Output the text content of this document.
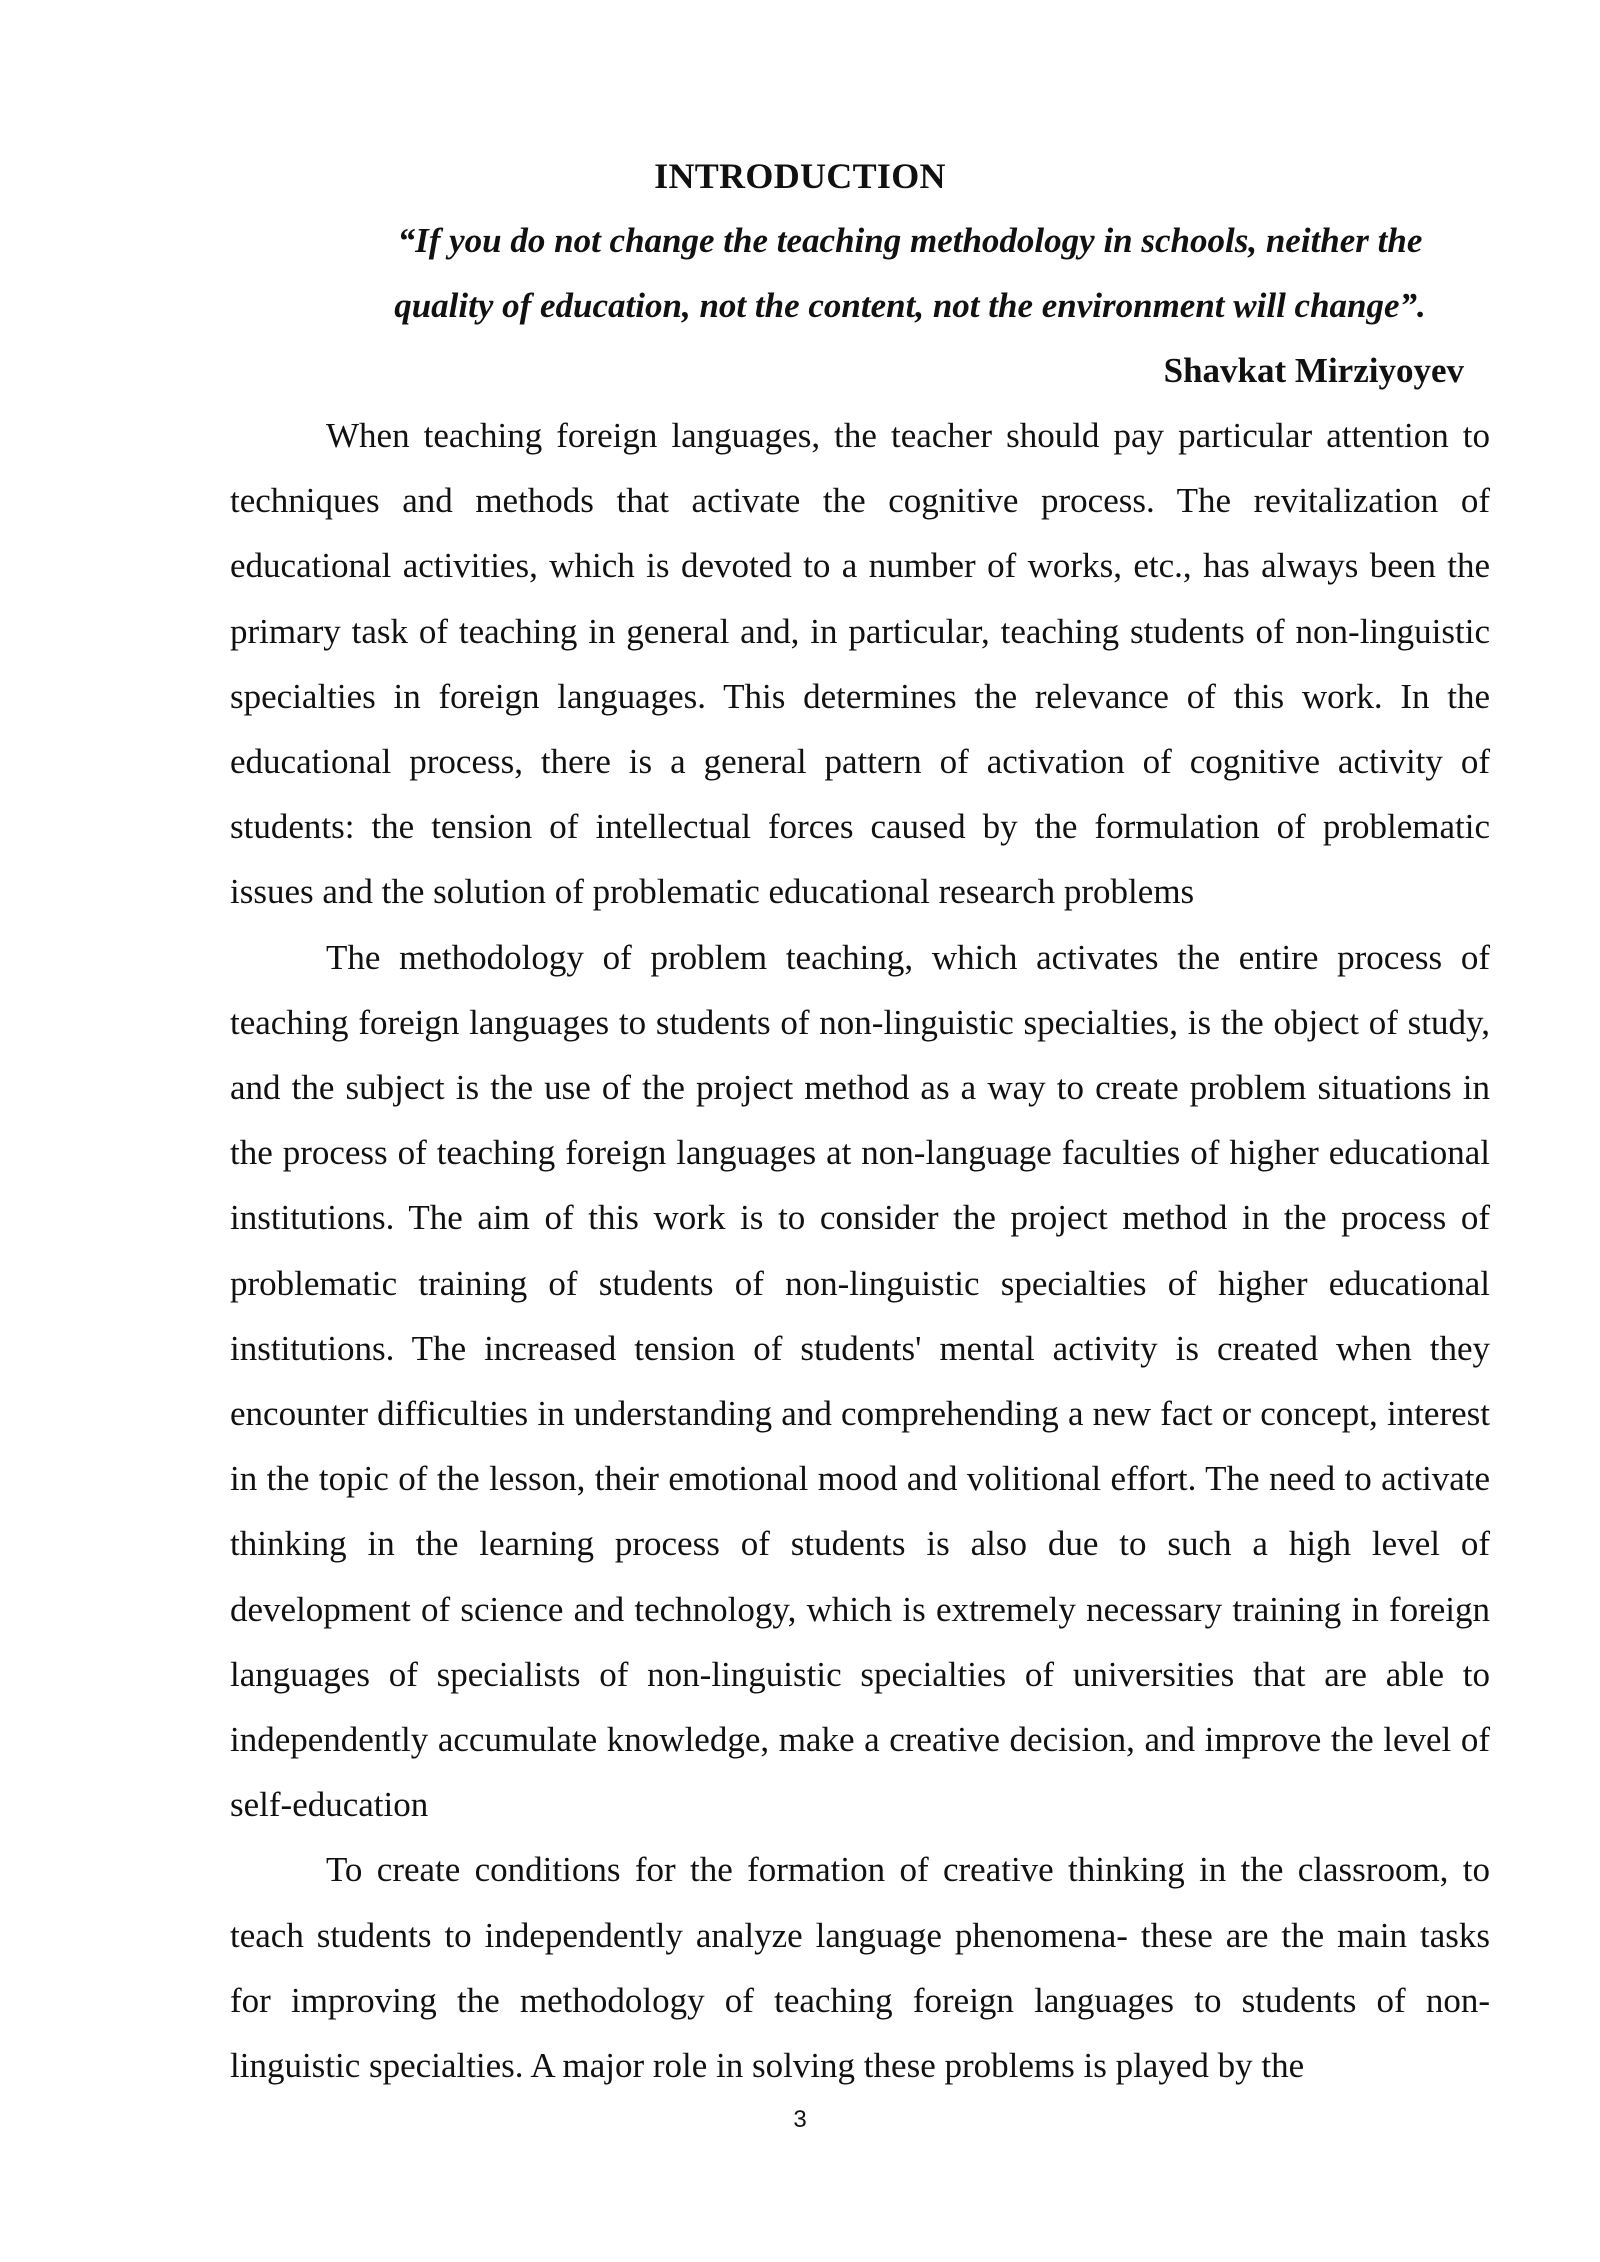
INTRODUCTION
“If you do not change the teaching methodology in schools, neither the quality of education, not the content, not the environment will change”.
Shavkat Mirziyoyev

When teaching foreign languages, the teacher should pay particular attention to techniques and methods that activate the cognitive process. The revitalization of educational activities, which is devoted to a number of works, etc., has always been the primary task of teaching in general and, in particular, teaching students of non-linguistic specialties in foreign languages. This determines the relevance of this work. In the educational process, there is a general pattern of activation of cognitive activity of students: the tension of intellectual forces caused by the formulation of problematic issues and the solution of problematic educational research problems

The methodology of problem teaching, which activates the entire process of teaching foreign languages to students of non-linguistic specialties, is the object of study, and the subject is the use of the project method as a way to create problem situations in the process of teaching foreign languages at non-language faculties of higher educational institutions. The aim of this work is to consider the project method in the process of problematic training of students of non-linguistic specialties of higher educational institutions. The increased tension of students' mental activity is created when they encounter difficulties in understanding and comprehending a new fact or concept, interest in the topic of the lesson, their emotional mood and volitional effort. The need to activate thinking in the learning process of students is also due to such a high level of development of science and technology, which is extremely necessary training in foreign languages of specialists of non-linguistic specialties of universities that are able to independently accumulate knowledge, make a creative decision, and improve the level of self-education

To create conditions for the formation of creative thinking in the classroom, to teach students to independently analyze language phenomena- these are the main tasks for improving the methodology of teaching foreign languages to students of non-linguistic specialties. A major role in solving these problems is played by the

3
